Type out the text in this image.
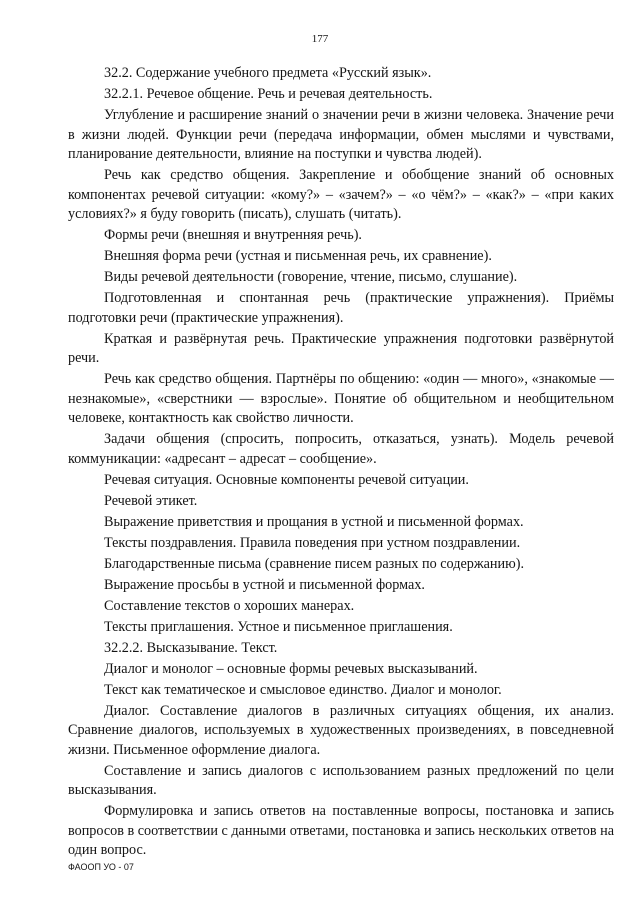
177

32.2. Содержание учебного предмета «Русский язык».

32.2.1. Речевое общение. Речь и речевая деятельность.

Углубление и расширение знаний о значении речи в жизни человека. Значение речи в жизни людей. Функции речи (передача информации, обмен мыслями и чувствами, планирование деятельности, влияние на поступки и чувства людей).

Речь как средство общения. Закрепление и обобщение знаний об основных компонентах речевой ситуации: «кому?» – «зачем?» – «о чём?» – «как?» – «при каких условиях?» я буду говорить (писать), слушать (читать).

Формы речи (внешняя и внутренняя речь).

Внешняя форма речи (устная и письменная речь, их сравнение).

Виды речевой деятельности (говорение, чтение, письмо, слушание).

Подготовленная и спонтанная речь (практические упражнения). Приёмы подготовки речи (практические упражнения).

Краткая и развёрнутая речь. Практические упражнения подготовки развёрнутой речи.

Речь как средство общения. Партнёры по общению: «один — много», «знакомые — незнакомые», «сверстники — взрослые». Понятие об общительном и необщительном человеке, контактность как свойство личности.

Задачи общения (спросить, попросить, отказаться, узнать). Модель речевой коммуникации: «адресант – адресат – сообщение».

Речевая ситуация. Основные компоненты речевой ситуации.

Речевой этикет.

Выражение приветствия и прощания в устной и письменной формах.

Тексты поздравления. Правила поведения при устном поздравлении.

Благодарственные письма (сравнение писем разных по содержанию).

Выражение просьбы в устной и письменной формах.

Составление текстов о хороших манерах.

Тексты приглашения. Устное и письменное приглашения.

32.2.2. Высказывание. Текст.

Диалог и монолог – основные формы речевых высказываний.

Текст как тематическое и смысловое единство. Диалог и монолог.

Диалог. Составление диалогов в различных ситуациях общения, их анализ. Сравнение диалогов, используемых в художественных произведениях, в повседневной жизни. Письменное оформление диалога.

Составление и запись диалогов с использованием разных предложений по цели высказывания.

Формулировка и запись ответов на поставленные вопросы, постановка и запись вопросов в соответствии с данными ответами, постановка и запись нескольких ответов на один вопрос.

ФАООП УО - 07
